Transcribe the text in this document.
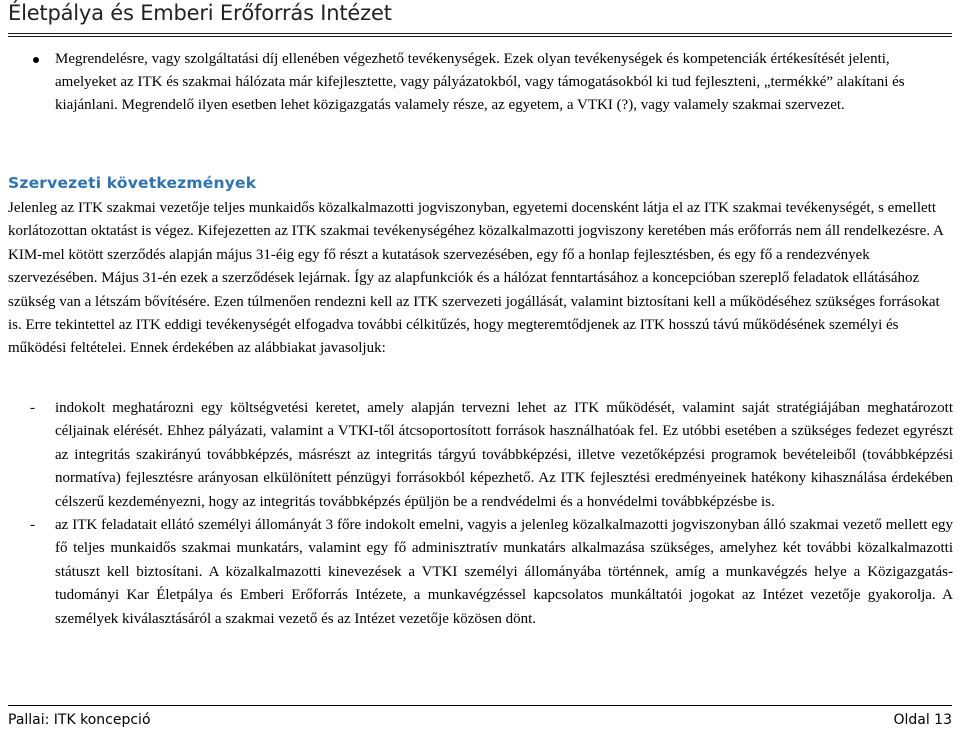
Életpálya és Emberi Erőforrás Intézet
Megrendelésre, vagy szolgáltatási díj ellenében végezhető tevékenységek. Ezek olyan tevékenységek és kompetenciák értékesítését jelenti, amelyeket az ITK és szakmai hálózata már kifejlesztette, vagy pályázatokból, vagy támogatásokból ki tud fejleszteni, „termékké” alakítani és kiajánlani. Megrendelő ilyen esetben lehet közigazgatás valamely része, az egyetem, a VTKI (?), vagy valamely szakmai szervezet.
Szervezeti következmények

Jelenleg az ITK szakmai vezetője teljes munkaidős közalkalmazotti jogviszonyban, egyetemi docensként látja el az ITK szakmai tevékenységét, s emellett korlátozottan oktatást is végez. Kifejezetten az ITK szakmai tevékenységéhez közalkalmazotti jogviszony keretében más erőforrás nem áll rendelkezésre. A KIM-mel kötött szerződés alapján május 31-éig egy fő részt a kutatások szervezésében, egy fő a honlap fejlesztésben, és egy fő a rendezvények szervezésében. Május 31-én ezek a szerződések lejárnak. Így az alapfunkciók és a hálózat fenntartásához a koncepcióban szereplő feladatok ellátásához szükség van a létszám bővítésére. Ezen túlmenően rendezni kell az ITK szervezeti jogállását, valamint biztosítani kell a működéséhez szükséges forrásokat is. Erre tekintettel az ITK eddigi tevékenységét elfogadva további célkitűzés, hogy megteremtődjenek az ITK hosszú távú működésének személyi és működési feltételei. Ennek érdekében az alábbiakat javasoljuk:

- indokolt meghatározni egy költségvetési keretet, amely alapján tervezni lehet az ITK működését, valamint saját stratégiájában meghatározott céljainak elérését. Ehhez pályázati, valamint a VTKI-től átcsoportosított források használhatóak fel. Ez utóbbi esetében a szükséges fedezet egyrészt az integritás szakirányú továbbképzés, másrészt az integritás tárgyú továbbképzési, illetve vezetőképzési programok bevételeiből (továbbképzési normatíva) fejlesztésre arányosan elkülönített pénzügyi forrásokból képezhető. Az ITK fejlesztési eredményeinek hatékony kihasználása érdekében célszerű kezdeményezni, hogy az integritás továbbképzés épüljön be a rendvédelmi és a honvédelmi továbbképzésbe is.
- az ITK feladatait ellátó személyi állományát 3 főre indokolt emelni, vagyis a jelenleg közalkalmazotti jogviszonyban álló szakmai vezető mellett egy fő teljes munkaidős szakmai munkatárs, valamint egy fő adminisztratív munkatárs alkalmazása szükséges, amelyhez két további közalkalmazotti státuszt kell biztosítani. A közalkalmazotti kinevezések a VTKI személyi állományába történnek, amíg a munkavégzés helye a Közigazgatás-tudományi Kar Életpálya és Emberi Erőforrás Intézete, a munkavégzéssel kapcsolatos munkáltatói jogokat az Intézet vezetője gyakorolja. A személyek kiválasztásáról a szakmai vezető és az Intézet vezetője közösen dönt.
Pallai: ITK koncepció	Oldal 13
